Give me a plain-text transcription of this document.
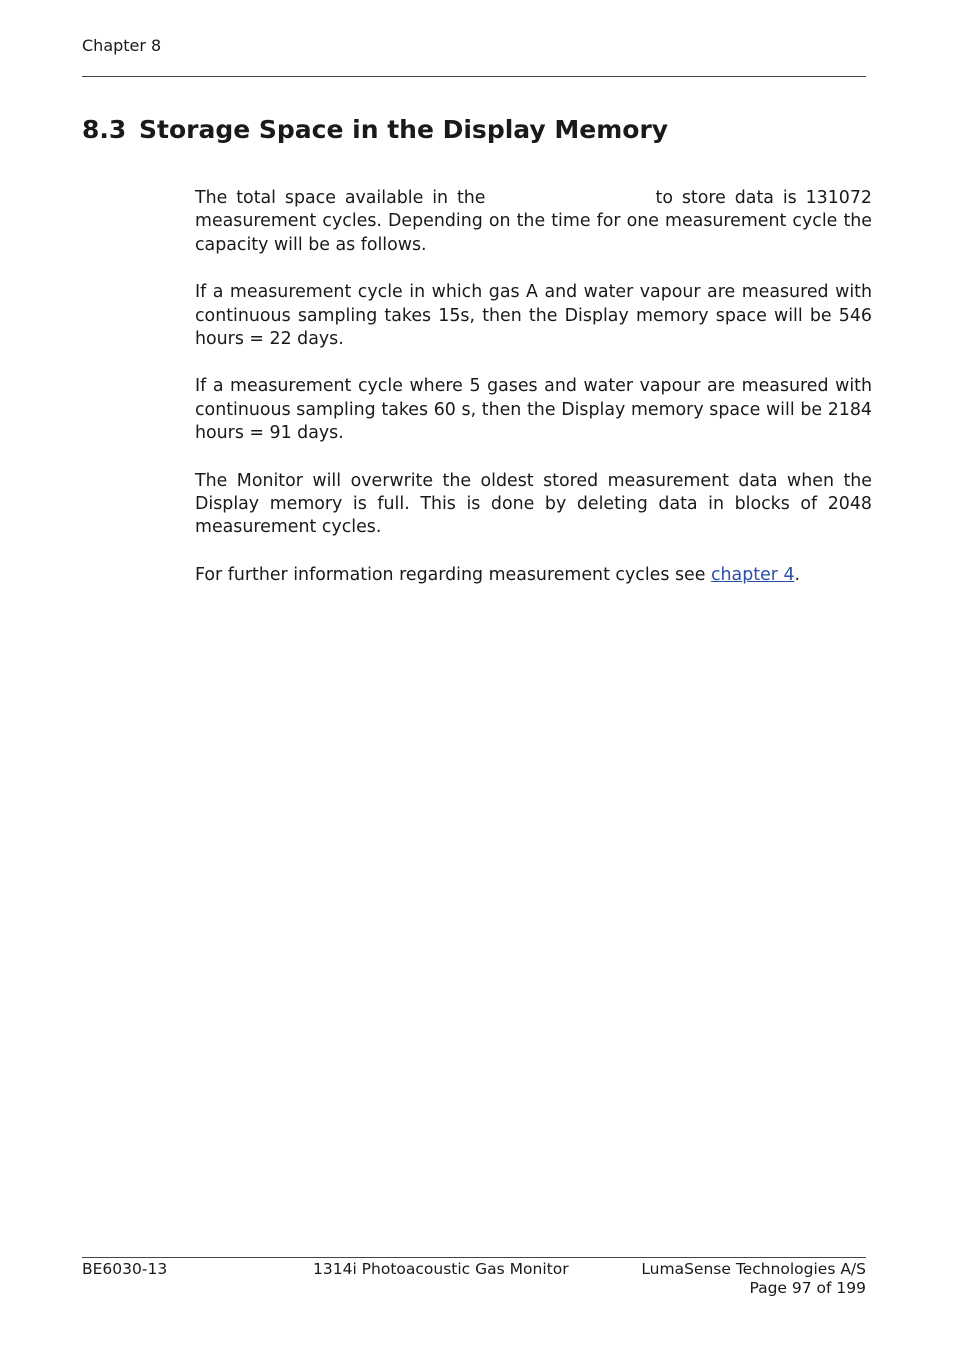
Chapter 8

8.3 Storage Space in the Display Memory

The total space available in the	to store data is 131072 measurement cycles. Depending on the time for one measurement cycle the capacity will be as follows.

If a measurement cycle in which gas A and water vapour are measured with continuous sampling takes 15s, then the Display memory space will be 546 hours = 22 days.

If a measurement cycle where 5 gases and water vapour are measured with continuous sampling takes 60 s, then the Display memory space will be 2184 hours = 91 days.

The Monitor will overwrite the oldest stored measurement data when the Display memory is full. This is done by deleting data in blocks of 2048 measurement cycles.

For further information regarding measurement cycles see chapter 4.

BE6030-13	1314i Photoacoustic Gas Monitor	LumaSense Technologies A/S
Page 97 of 199
